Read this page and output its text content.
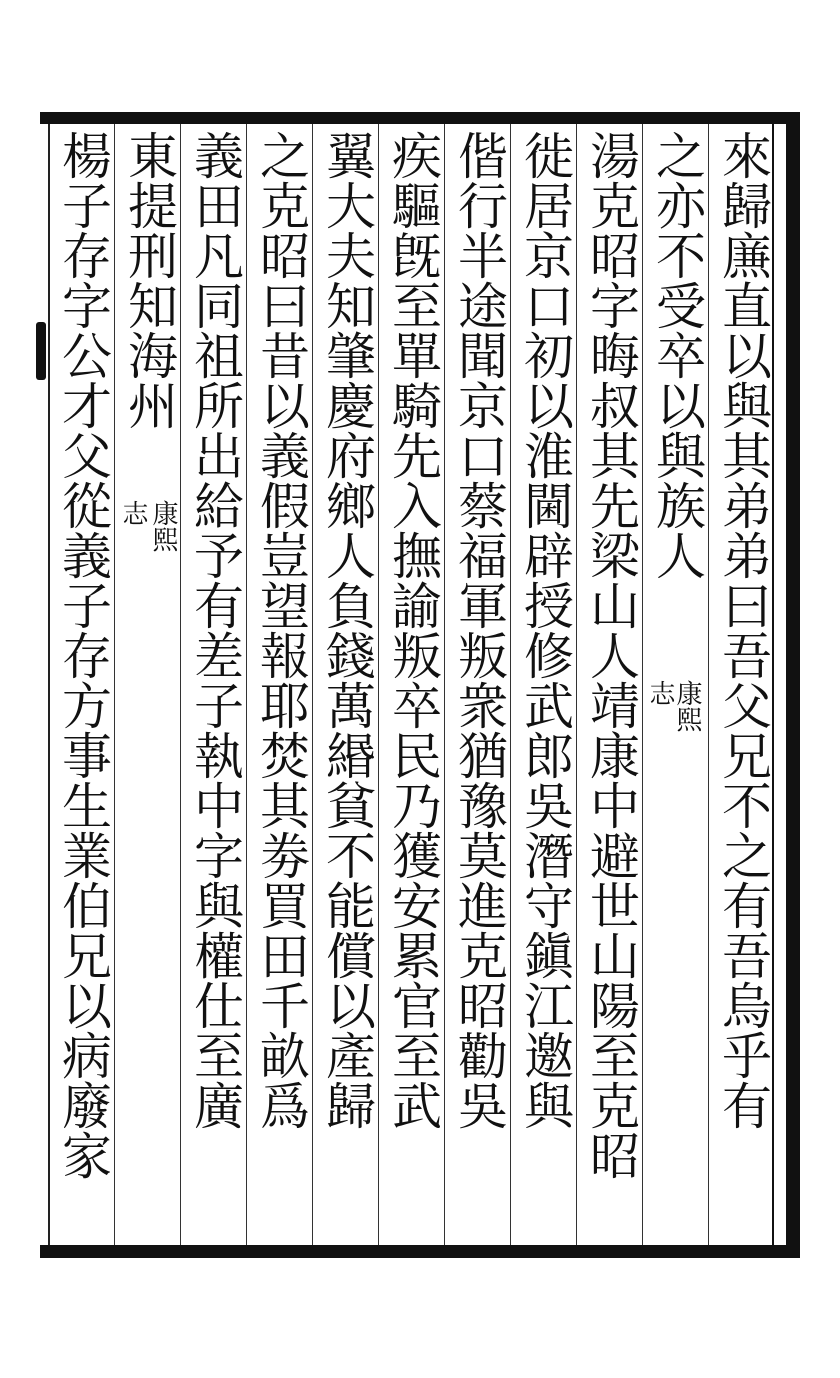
來歸㢘直以與其弟弟曰吾父兄不之有吾烏乎有
之亦不受卒以與族人
康熙
志
湯克昭字晦叔其先梁山人靖康中避世山陽至克昭
徙居京口初以淮閫辟授修武郎吳潛守鎭江邀與
偕行半途聞京口蔡福軍叛衆猶豫莫進克昭勸吳
疾驅旣至單騎先入撫諭叛卒民乃獲安累官至武
翼大夫知肇慶府鄉人負錢萬緡貧不能償以產歸
之克昭曰昔以義假豈望報耶焚其劵買田千畝爲
義田凡同祖所出給予有差子執中字與權仕至廣
東提刑知海州
康熙
志
楊子存字公才父從義子存方事生業伯兄以病廢家
